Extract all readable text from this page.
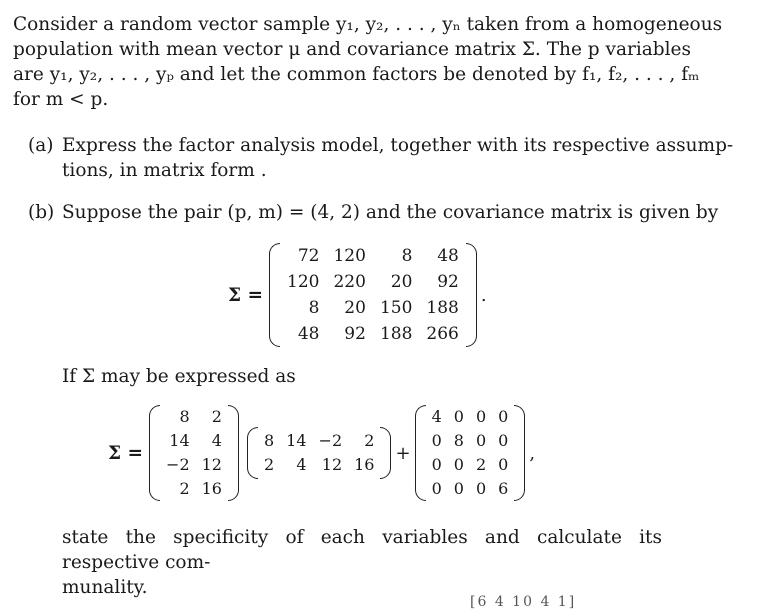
Consider a random vector sample y₁, y₂, . . . , yₙ taken from a homogeneous

population with mean vector μ and covariance matrix Σ. The p variables

are y₁, y₂, . . . , yₚ and let the common factors be denoted by f₁, f₂, . . . , fₘ

for m < p.

(a) Express the factor analysis model, together with its respective assump-
tions, in matrix form .
(b) Suppose the pair (p, m) = (4, 2) and the covariance matrix is given by
Σ =
72	120	8	48
120	220	20	92
8	20	150	188
48	92	188	266
.
If Σ may be expressed as
Σ =
8	2
14	4
−2	12
2	16
8	14	−2	2
2	4	12	16
+
4	0	0	0
0	8	0	0
0	0	2	0
0	0	0	6
,
state the specificity of each variables and calculate its respective com-
munality.
[6 4 10 4 1]
